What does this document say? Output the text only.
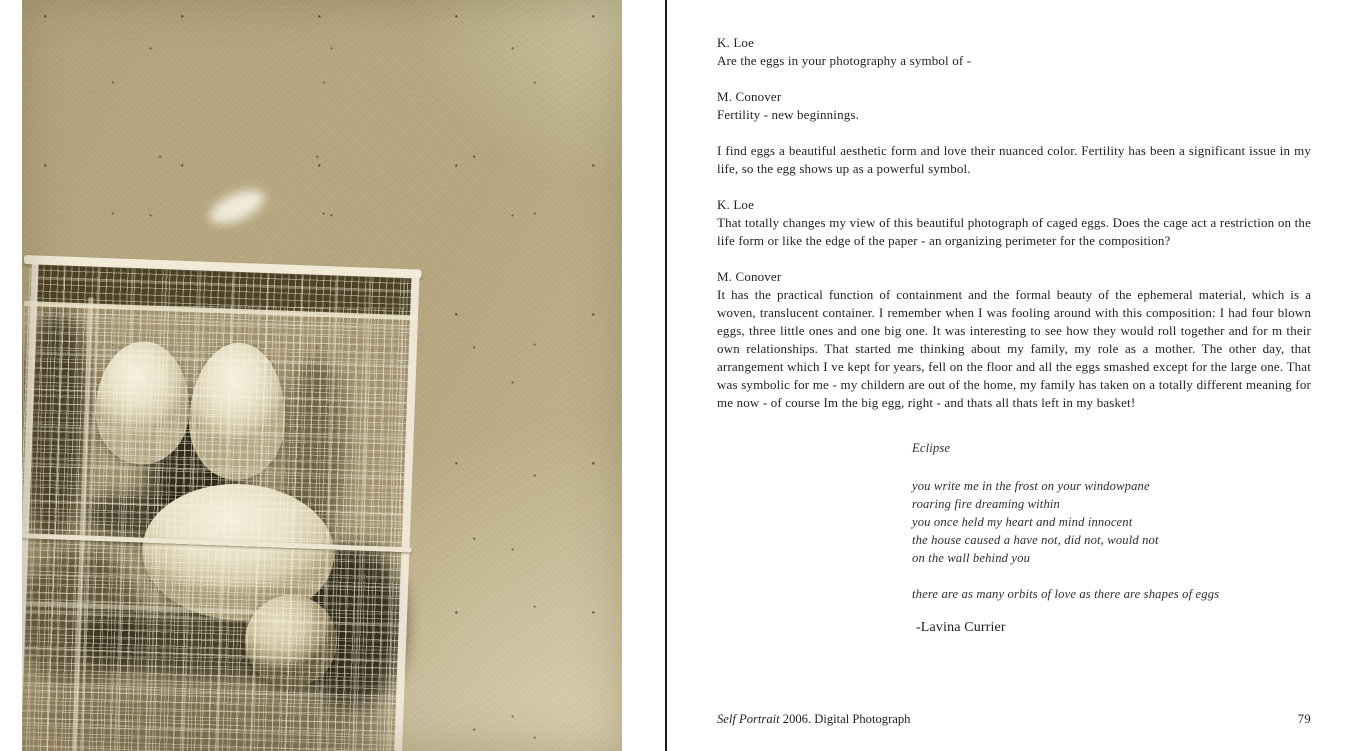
K. Loe
Are the eggs in your photography a symbol of -
M. Conover
Fertility - new beginnings.
I find eggs a beautiful aesthetic form and love their nuanced color. Fertility has been a significant issue in my life, so the egg shows up as a powerful symbol.
K. Loe
That totally changes my view of this beautiful photograph of caged eggs. Does the cage act a restriction on the life form or like the edge of the paper - an organizing perimeter for the composition?
M. Conover
It has the practical function of containment and the formal beauty of the ephemeral material, which is a woven, translucent container. I remember when I was fooling around with this composition: I had four blown eggs, three little ones and one big one. It was interesting to see how they would roll together and for m their own relationships. That started me thinking about my family, my role as a mother. The other day, that arrangement which I ve kept for years, fell on the floor and all the eggs smashed except for the large one. That was symbolic for me - my childern are out of the home, my family has taken on a totally different meaning for me now - of course Im the big egg, right - and thats all thats left in my basket!
Eclipse
you write me in the frost on your windowpane
roaring fire dreaming within
you once held my heart and mind innocent
the house caused a have not, did not, would not
on the wall behind you
there are as many orbits of love as there are shapes of eggs
-Lavina Currier
Self Portrait 2006. Digital Photograph	79
